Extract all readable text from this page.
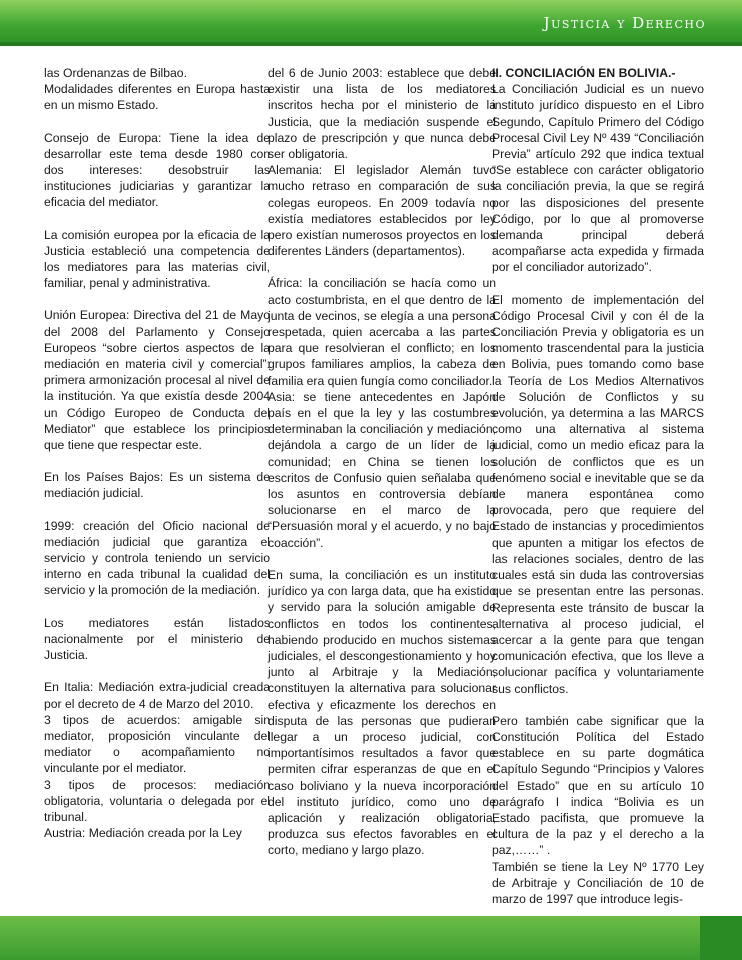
Justicia y Derecho

las Ordenanzas de Bilbao.

Modalidades diferentes en Europa hasta en un mismo Estado.

Consejo de Europa: Tiene la idea de desarrollar este tema desde 1980 con dos intereses: desobstruir las instituciones judiciarias y garantizar la eficacia del mediator.

La comisión europea por la eficacia de la Justicia estableció una competencia de los mediatores para las materias civil, familiar, penal y administrativa.

Unión Europea: Directiva del 21 de Mayo del 2008 del Parlamento y Consejo Europeos “sobre ciertos aspectos de la mediación en materia civil y comercial”: primera armonización procesal al nivel de la institución. Ya que existía desde 2004 un Código Europeo de Conducta del Mediator” que establece los principios que tiene que respectar este.

En los Países Bajos: Es un sistema de mediación judicial.

1999: creación del Oficio nacional de mediación judicial que garantiza el servicio y controla teniendo un servicio interno en cada tribunal la cualidad del servicio y la promoción de la mediación.

Los mediatores están listados nacionalmente por el ministerio de Justicia.

En Italia: Mediación extra-judicial creada por el decreto de 4 de Marzo del 2010.

3 tipos de acuerdos: amigable sin mediator, proposición vinculante del mediator o acompañamiento no vinculante por el mediator.

3 tipos de procesos: mediación obligatoria, voluntaria o delegada por el tribunal.

Austria: Mediación creada por la Ley

del 6 de Junio 2003: establece que debe existir una lista de los mediatores inscritos hecha por el ministerio de la Justicia, que la mediación suspende el plazo de prescripción y que nunca debe ser obligatoria.

Alemania: El legislador Alemán tuvo mucho retraso en comparación de sus colegas europeos. En 2009 todavía no existía mediatores establecidos por ley pero existían numerosos proyectos en los diferentes Länders (departamentos).

África: la conciliación se hacía como un acto costumbrista, en el que dentro de la junta de vecinos, se elegía a una persona respetada, quien acercaba a las partes para que resolvieran el conflicto; en los grupos familiares amplios, la cabeza de familia era quien fungía como conciliador.

Asia: se tiene antecedentes en Japón país en el que la ley y las costumbres determinaban la conciliación y mediación, dejándola a cargo de un líder de la comunidad; en China se tienen los escritos de Confusio quien señalaba que los asuntos en controversia debían solucionarse en el marco de la “Persuasión moral y el acuerdo, y no bajo coacción”.

En suma, la conciliación es un instituto jurídico ya con larga data, que ha existido y servido para la solución amigable de conflictos en todos los continentes, habiendo producido en muchos sistemas judiciales, el descongestionamiento y hoy junto al Arbitraje y la Mediación, constituyen la alternativa para solucionar efectiva y eficazmente los derechos en disputa de las personas que pudieran llegar a un proceso judicial, con importantísimos resultados a favor que permiten cifrar esperanzas de que en el caso boliviano y la nueva incorporación del instituto jurídico, como uno de aplicación y realización obligatoria, produzca sus efectos favorables en el corto, mediano y largo plazo.

II. CONCILIACIÓN EN BOLIVIA.-

La Conciliación Judicial es un nuevo instituto jurídico dispuesto en el Libro Segundo, Capítulo Primero del Código Procesal Civil Ley Nº 439 “Conciliación Previa” artículo 292 que indica textual “Se establece con carácter obligatorio la conciliación previa, la que se regirá por las disposiciones del presente Código, por lo que al promoverse demanda principal deberá acompañarse acta expedida y firmada por el conciliador autorizado”.

El momento de implementación del Código Procesal Civil y con él de la Conciliación Previa y obligatoria es un momento trascendental para la justicia en Bolivia, pues tomando como base la Teoría de Los Medios Alternativos de Solución de Conflictos y su evolución, ya determina a las MARCS como una alternativa al sistema judicial, como un medio eficaz para la solución de conflictos que es un fenómeno social e inevitable que se da de manera espontánea como provocada, pero que requiere del Estado de instancias y procedimientos que apunten a mitigar los efectos de las relaciones sociales, dentro de las cuales está sin duda las controversias que se presentan entre las personas. Representa este tránsito de buscar la alternativa al proceso judicial, el acercar a la gente para que tengan comunicación efectiva, que los lleve a solucionar pacífica y voluntariamente sus conflictos.

Pero también cabe significar que la Constitución Política del Estado establece en su parte dogmática Capítulo Segundo “Principios y Valores del Estado” que en su artículo 10 parágrafo I indica “Bolivia es un Estado pacifista, que promueve la cultura de la paz y el derecho a la paz,……” .

También se tiene la Ley Nº 1770 Ley de Arbitraje y Conciliación de 10 de marzo de 1997 que introduce legis-
